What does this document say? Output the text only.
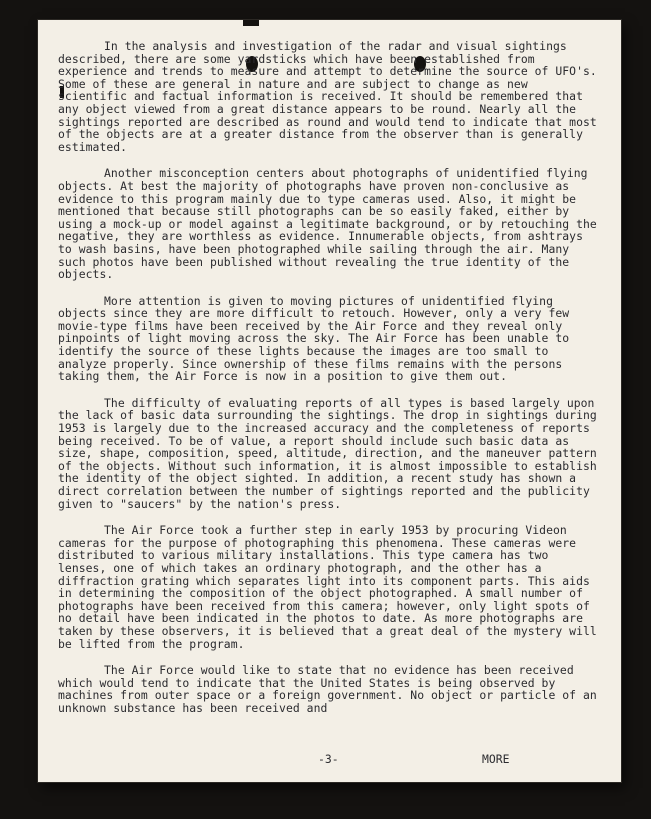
In the analysis and investigation of the radar and visual sightings described, there are some yardsticks which have been established from experience and trends to measure and attempt to determine the source of UFO's. Some of these are general in nature and are subject to change as new scientific and factual information is received. It should be remembered that any object viewed from a great distance appears to be round. Nearly all the sightings reported are described as round and would tend to indicate that most of the objects are at a greater distance from the observer than is generally estimated.

Another misconception centers about photographs of unidentified flying objects. At best the majority of photographs have proven non-conclusive as evidence to this program mainly due to type cameras used. Also, it might be mentioned that because still photographs can be so easily faked, either by using a mock-up or model against a legitimate background, or by retouching the negative, they are worthless as evidence. Innumerable objects, from ashtrays to wash basins, have been photographed while sailing through the air. Many such photos have been published without revealing the true identity of the objects.

More attention is given to moving pictures of unidentified flying objects since they are more difficult to retouch. However, only a very few movie-type films have been received by the Air Force and they reveal only pinpoints of light moving across the sky. The Air Force has been unable to identify the source of these lights because the images are too small to analyze properly. Since ownership of these films remains with the persons taking them, the Air Force is now in a position to give them out.

The difficulty of evaluating reports of all types is based largely upon the lack of basic data surrounding the sightings. The drop in sightings during 1953 is largely due to the increased accuracy and the completeness of reports being received. To be of value, a report should include such basic data as size, shape, composition, speed, altitude, direction, and the maneuver pattern of the objects. Without such information, it is almost impossible to establish the identity of the object sighted. In addition, a recent study has shown a direct correlation between the number of sightings reported and the publicity given to "saucers" by the nation's press.

The Air Force took a further step in early 1953 by procuring Videon cameras for the purpose of photographing this phenomena. These cameras were distributed to various military installations. This type camera has two lenses, one of which takes an ordinary photograph, and the other has a diffraction grating which separates light into its component parts. This aids in determining the composition of the object photographed. A small number of photographs have been received from this camera; however, only light spots of no detail have been indicated in the photos to date. As more photographs are taken by these observers, it is believed that a great deal of the mystery will be lifted from the program.

The Air Force would like to state that no evidence has been received which would tend to indicate that the United States is being observed by machines from outer space or a foreign government. No object or particle of an unknown substance has been received and

-3-	MORE
